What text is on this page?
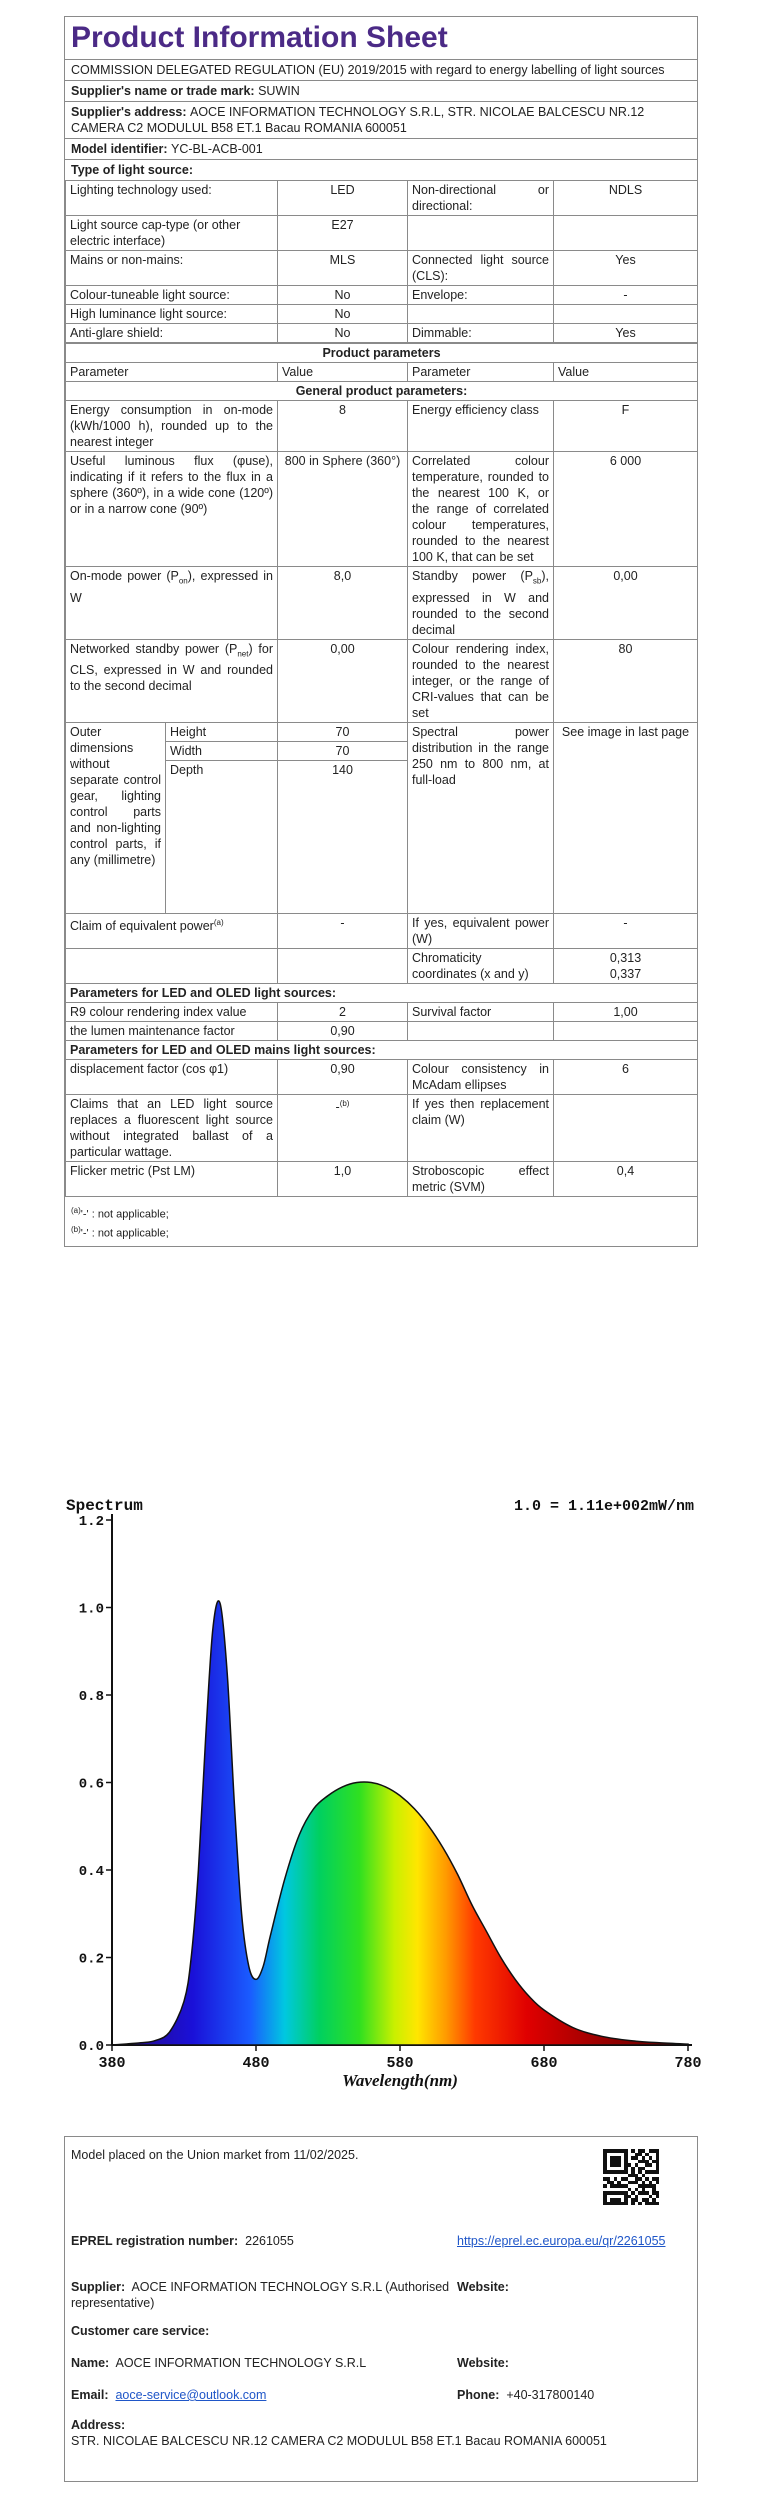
Product Information Sheet
COMMISSION DELEGATED REGULATION (EU) 2019/2015 with regard to energy labelling of light sources
Supplier's name or trade mark: SUWIN
Supplier's address: AOCE INFORMATION TECHNOLOGY S.R.L, STR. NICOLAE BALCESCU NR.12 CAMERA C2 MODULUL B58 ET.1 Bacau ROMANIA 600051
Model identifier: YC-BL-ACB-001
Type of light source:
Lighting technology used:	LED	Non-directional or directional:	NDLS
Light source cap-type (or other electric interface)	E27		
Mains or non-mains:	MLS	Connected light source (CLS):	Yes
Colour-tuneable light source:	No	Envelope:	-
High luminance light source:	No		
Anti-glare shield:	No	Dimmable:	Yes
Product parameters				
Parameter		Value	Parameter	Value
General product parameters:				
Energy consumption in on-mode (kWh/1000 h), rounded up to the nearest integer		8	Energy efficiency class	F
Useful luminous flux (φuse), indicating if it refers to the flux in a sphere (360º), in a wide cone (120º) or in a narrow cone (90º)		800 in Sphere (360°)	Correlated colour temperature, rounded to the nearest 100 K, or the range of correlated colour temperatures, rounded to the nearest 100 K, that can be set	6 000
On-mode power $(P_{on})$, expressed in W		8,0	Standby power $(P_{sb})$, expressed in W and rounded to the second decimal	0,00
Networked standby power $(P_{net})$ for CLS, expressed in W and rounded to the second decimal		0,00	Colour rendering index, rounded to the nearest integer, or the range of CRI-values that can be set	80
Outer dimensions without separate control gear, lighting control parts and non-lighting control parts, if any (millimetre)	Height	70	Spectral power distribution in the range 250 nm to 800 nm, at full-load	See image in last page
	Width	70		
	Depth	140		
Claim of equivalent power$^{(a)}$		-	If yes, equivalent power (W)	-
			Chromaticity coordinates (x and y)	0,313
0,337

Parameters for LED and OLED light sources:				
R9 colour rendering index value		2	Survival factor	1,00
the lumen maintenance factor		0,90		
Parameters for LED and OLED mains light sources:				
displacement factor (cos φ1)		0,90	Colour consistency in McAdam ellipses	6
Claims that an LED light source replaces a fluorescent light source without integrated ballast of a particular wattage.		-$^{(b)}$	If yes then replacement claim (W)	
Flicker metric (Pst LM)		1,0	Stroboscopic effect metric (SVM)	0,4
$^{(a)}$'-' : not applicable;
$^{(b)}$'-' : not applicable;
0.0
0.2
0.4
0.6
0.8
1.0
1.2
380	480	580	680	780
Spectrum	1.0 = 1.11e+002mW/nm
Wavelength(nm)
Model placed on the Union market from 11/02/2025.
EPREL registration number: 2261055	https://eprel.ec.europa.eu/qr/2261055
Supplier: AOCE INFORMATION TECHNOLOGY S.R.L (Authorised representative)
Website:
Customer care service:
Name: AOCE INFORMATION TECHNOLOGY S.R.L	Website:
Email: aoce-service@outlook.com	Phone: +40-317800140
Address:
STR. NICOLAE BALCESCU NR.12 CAMERA C2 MODULUL B58 ET.1 Bacau ROMANIA 600051
